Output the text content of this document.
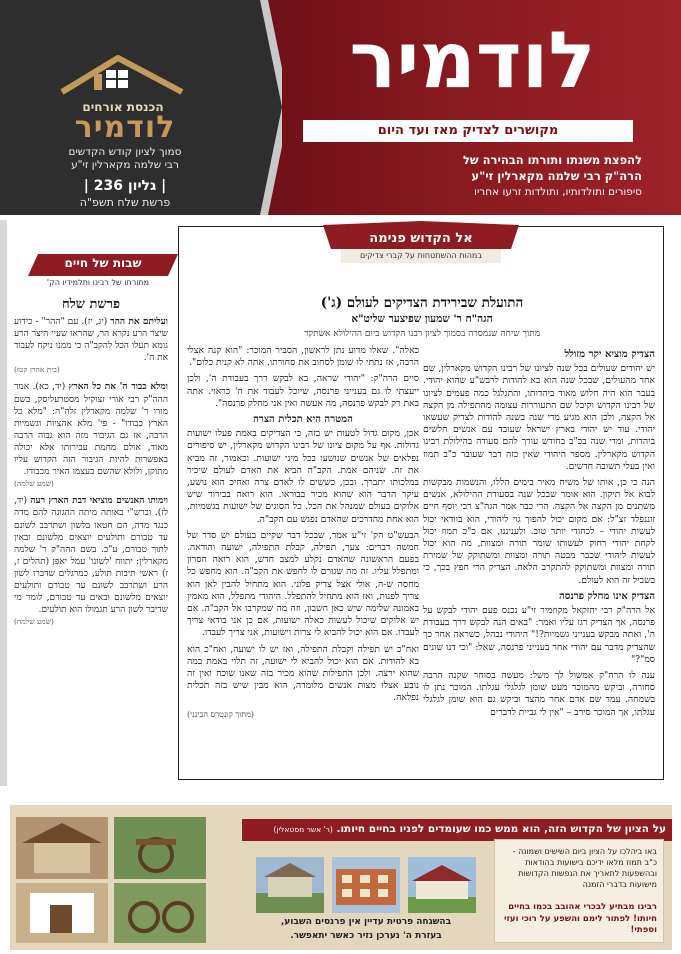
הכנסת אורחים
לודמיר
סמוך לציון קודש הקדשים
רבי שלמה מקארלין זי"ע
| גליון 236 |
פרשת שלח תשפ"ה
לודמיר
מקושרים לצדיק מאז ועד היום
להפצת משנתו ותורתו הבהירה של
הרה"ק רבי שלמה מקארלין זי"ע
סיפורים ותולדותיו, ותולדות זרעו אחריו
שבות של חיים
מתורתו של רבינו ותלמידיו הק'
פרשת שלח
ועליתם את ההר (יג, יז). עם "ההר" - כידוע שיצר הרע נקרא הר, שהראו שעיי היצר הרע גומא תעלו הכל להקב"ה כי ממנו ניקח לעבוד את ה'.
(בית אהרן קטז)
ומלא כבוד ה' את כל הארץ (יד, כא). אמר ההה"ק רבי אורי זצוקיל מסטרעליסק, בשם מורו ר' שלמה מקארלין זלה"ה: "מלא כל הארץ כבודו" - פי' מלא אהציות וגשמיות הרבה, אז גם הגיבור מזה הוא גבוה הרבה מאוד, אולם מחמת עבירותו אלא יכולה באפשרות להיות הגיבור הזה הקדוש עליו מתוקן, ולולא שהשם בעצמו האיר מכבודו.
(שמע שלמה)
וימותו האנשים מוציאי דבת הארץ רעה (יד, לז). וברש"י באותה מיתה ההגונה להם מדה כנגד מדה, הם חטאו בלשון ושתרבב לשונם עד טבורם ותולעים יוצאים מלשונם ובאין לתוך טבורם, ע"כ. בשם ההה"ק ר' שלמה מקארלין: יתווח 'לשונו' עמל יאפן (תהלים ז, ז) ראשי תיבות תולע, כמרגלים שדברו לשון הרע ושתרבב לשונם עד טבורם ותולעים יוצאים מלשונם ובאים עד טבורם, לומר מי שדיבר לשון הרע תגמולו הוא תולעים.
(שמע שלמה)
אל הקדוש פנימה
במהות ההשתטחות על קברי צדיקים
התועלת שבירידת הצדיקים לעולם (ג')
הגה"ח ר' שמעון שפיצער שליט"א
מתוך שיחה שנמסרה בסמוך לציון רבנו הקדוש ביום ההילולא אשתקד
הצדיק מוציא יקר מזולל
יש יהודים שעולים בכל שנה לציונו של רבינו הקדוש מקארלין, שם אחד מהעולים, שבכל שנה הוא בא להודות לרבש"ע שהוא יהודי. בעבר הוא היה חלוש מאוד ביהדותו, והתגלגל כמה פעמים לציונו של רבינו הקדוש וקיבל שם התעוררות עצומה מהתפילה מן הקצה אל הקצה, ולכן הוא מגיע מדי שנה בשנה להודות לצדיק שעשאו יהודי. עוד יש יהודי בארץ ישראל שעובד עם אנשים חלשים ביהדות, ומדי שנה בכ"ב בחודש עורך להם סעודה בהילולת רבינו הקדוש מקארלין. מספר היהודי שאין כזה דבר שעובר כ"ב תמוז ואין בעלי תשובה חדשים.
הנה כי כן, אותו של משיח מאיר בימים הללו, והנשמות מבקשות לבוא אל תיקון. הוא אומר שבכל שנה בסעודת ההילולא, אנשים משתנים מן הקצה אל הקצה. הרי כבר אמר הגה"צ רבי יוסף חיים זוננפלד זצ"ל: אם מקום יכול להפוך גוי ליהודי, הוא בוודאי יכול לעשות יהודי – לכחודי יותר טוב. ולעניננו, אם כ"כ תמוז יכול לקחת יהודי רחוק לעשותו שומר תורה ומצוות, מה הוא יכול לעשות ליהודי שכבר מבטה תורה ומצוות ומשתוקק של שמירת תורה ומצוות ומשתוקק להתקרב הלאה. הצדיק הרי חפץ בכך, כי בשביל זה הוא לעולם.
הצדיק אינו מחלק פרנסה
אל הרה"ק רבי יחזקאל מקוזמיר זי"ע נכנס פעם יהודי לבקש על פרנסה, אך הצדיק רגז עליו ואמר: "באים הנה לבקש דרך בעבודת ה', ואתה מבקש בענייני גשמיות?!" היהודי נבהל, כשראה אחר כך שהצדיק מדבר עם יהודי אחר בענייני פרנסה, שאל: "וכי דנו שונים סמ"?"
ענה לו הרה"ק אמשול לך משל: מעשה בסוחר שקנה הרבה סחורה, וביקש מהמוכר מעט שומן לגלגלי עגלתו. המוכר נתן לו בשמחה. עמד שם אדם אחר מהצד וביקש גם הוא שומן לגלגלי עגלתו, אך המוכר סירב – "אין לי גביית לדברים
כאלה". שאלו מדוע נתן לראשון, הסביר המוכר: "הוא קנה אצלי הרבה, אז נתתי לו שומן לסחוב את סחורתו. אתה לא קנית כלום".
סיים הרה"ק: "יהודי שראה, בא לבקש דרך בעבודת ה', ולכן ייעצתי לו גם בענייני פרנסה, שיוכל לעבוד את ה' כראוי. אתה באת רק לבקש פרנסה, מה אעשה ואין אני מחלק פרנסה".
המטרה היא תכלית הצרה
אכן, מקום גדול לטעות יש בזה, כי הצדיקים באמת פעלו ישועות גדולות. אף על מקום ציונו של רבינו הקדוש מקארלין, יש סיפורים נפלאים של אנשים שנושעו בכל מיני ישועות. וכאמור, זה מביא את זה. שניהם אמת. הקב"ה הביא את האדם לעולם שיכיר במלכותו יתברך. ובכן, כששים לו לאדם צרה ואחיכ הוא נושע, עיקר הדבר הוא שהוא מכיר בבוראו. הוא רואה בבירור שיש אלוקים בעולם שמנהל את הכל. כל הסוגים של ישועות בגשמיות, הוא אחת מהדרכים שהאדם נפגש עם הקב"ה.
הבעש"ט הק' זי"ע אמר, שבכל דבר שקיים בעולם יש סדר של חמשה דברים: צער, תפילה, קבלת התפילה, ישועה והודאה. בפעם הראשונה שהאדם נקלע למצב חדש, הוא רואה חסרון ומתפלל עליו. זה מה שגורם לו לחפש את הקב"ה. הוא מחפש כל מחסה ש-ה, אולי אצל צדיק פלוני. הוא מתחיל להבין לאן הוא צריך לפנות, ואז הוא מתחיל להתפלל. היהודי מתפלל, הוא מאמין באמונה שלימה שיש כאן חשבון, וזה מה שמקרבו אל הקב"ה. אם יש אלוקים שיכול לעשות כאלה ישועות, אם כן אני בודאי צריך לעבדו. אם הוא יכול להביא לי צרות וישועות, אני צריך לעבדו.
ואח"כ יש תפילה וקבלת התפילה, ואז יש לו ישועה, ואח"כ הוא בא להודות. אם הוא יכול להביא לי ישועה, זה תלוי באמת במה שהוא ירצה. ולכן התפילות שהוא מכיר בזה שאנו שוכח ואין זה נובע אצלו מצות אנשים מלומדה, הוא מבין שיש בזה תכלית נפלאה.
(מתוך קונטרס הבינני)
על הציון של הקדוש הזה, הוא ממש כמו שעומדים לפניו בחיים חיותו. (ר' אשר מסטאלין)
באו ביהלכו על הציון ביום השישים ושמונה - כ"ב תמוז מלאו ידיכם בישועות בהודאות ובהשפעות לתאריך את הנפשות הקדושות מישועות בדברי הזמנה
רבינו מבתיע לבכרי אהובב בכמו בחיים חיותו! לפתור לימם והשפע על רוכי ועזי וספתי!
בהשגחה פרטית עדיין אין פרנסים השבוע,
בעזרת ה' נערכן נזיר כאשר יתאפשר.
